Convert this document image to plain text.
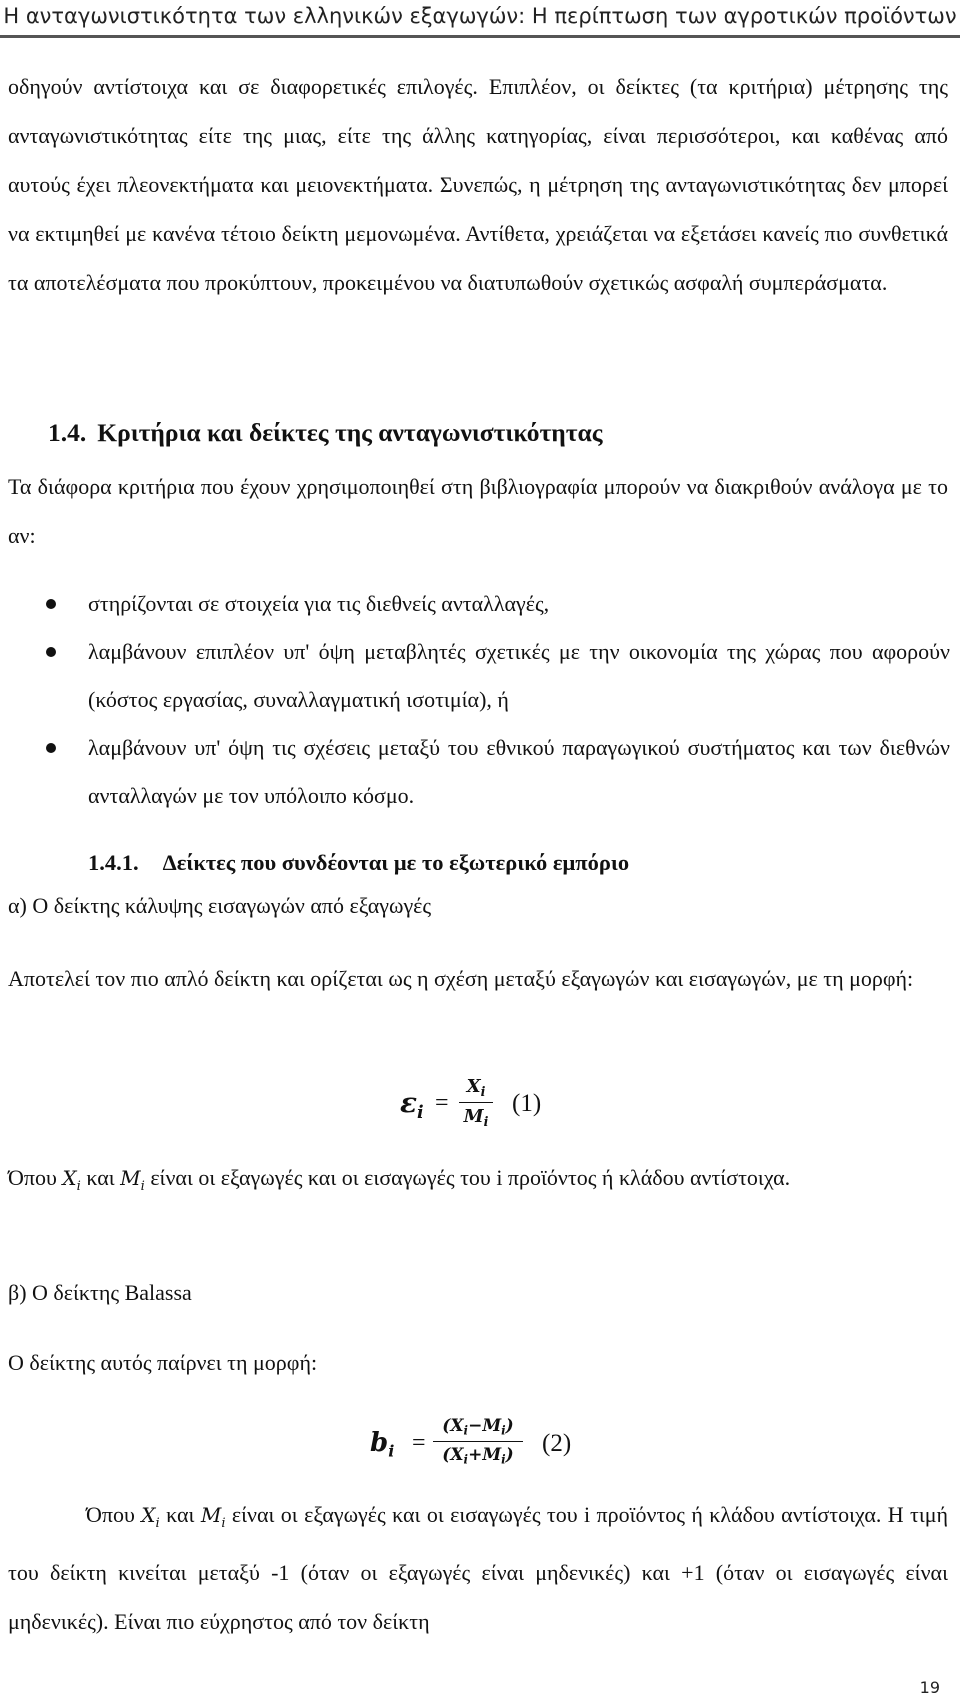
Η ανταγωνιστικότητα των ελληνικών εξαγωγών: Η περίπτωση των αγροτικών προϊόντων

οδηγούν αντίστοιχα και σε διαφορετικές επιλογές. Επιπλέον, οι δείκτες (τα κριτήρια) μέτρησης της ανταγωνιστικότητας είτε της μιας, είτε της άλλης κατηγορίας, είναι περισσότεροι, και καθένας από αυτούς έχει πλεονεκτήματα και μειονεκτήματα. Συνεπώς, η μέτρηση της ανταγωνιστικότητας δεν μπορεί να εκτιμηθεί με κανένα τέτοιο δείκτη μεμονωμένα. Αντίθετα, χρειάζεται να εξετάσει κανείς πιο συνθετικά τα αποτελέσματα που προκύπτουν, προκειμένου να διατυπωθούν σχετικώς ασφαλή συμπεράσματα.

1.4. Κριτήρια και δείκτες της ανταγωνιστικότητας

Τα διάφορα κριτήρια που έχουν χρησιμοποιηθεί στη βιβλιογραφία μπορούν να διακριθούν ανάλογα με το αν:

στηρίζονται σε στοιχεία για τις διεθνείς ανταλλαγές,
λαμβάνουν επιπλέον υπ' όψη μεταβλητές σχετικές με την οικονομία της χώρας που αφορούν (κόστος εργασίας, συναλλαγματική ισοτιμία), ή
λαμβάνουν υπ' όψη τις σχέσεις μεταξύ του εθνικού παραγωγικού συστήματος και των διεθνών ανταλλαγών με τον υπόλοιπο κόσμο.
1.4.1. Δείκτες που συνδέονται με το εξωτερικό εμπόριο
α) Ο δείκτης κάλυψης εισαγωγών από εξαγωγές

Αποτελεί τον πιο απλό δείκτη και ορίζεται ως η σχέση μεταξύ εξαγωγών και εισαγωγών, με τη μορφή:

$\varepsilon_i$ =
$X_i$
$M_i$
(1)

Όπου $X_i$ και $M_i$ είναι οι εξαγωγές και οι εισαγωγές του i προϊόντος ή κλάδου αντίστοιχα.

β) Ο δείκτης Balassa
Ο δείκτης αυτός παίρνει τη μορφή:
$b_i$ =
$(X_i-M_i)$
$(X_i+M_i)$	(2)

Όπου $X_i$ και $M_i$ είναι οι εξαγωγές και οι εισαγωγές του i προϊόντος ή κλάδου αντίστοιχα. Η τιμή του δείκτη κινείται μεταξύ -1 (όταν οι εξαγωγές είναι μηδενικές) και +1 (όταν οι εισαγωγές είναι μηδενικές). Είναι πιο εύχρηστος από τον δείκτη

19
